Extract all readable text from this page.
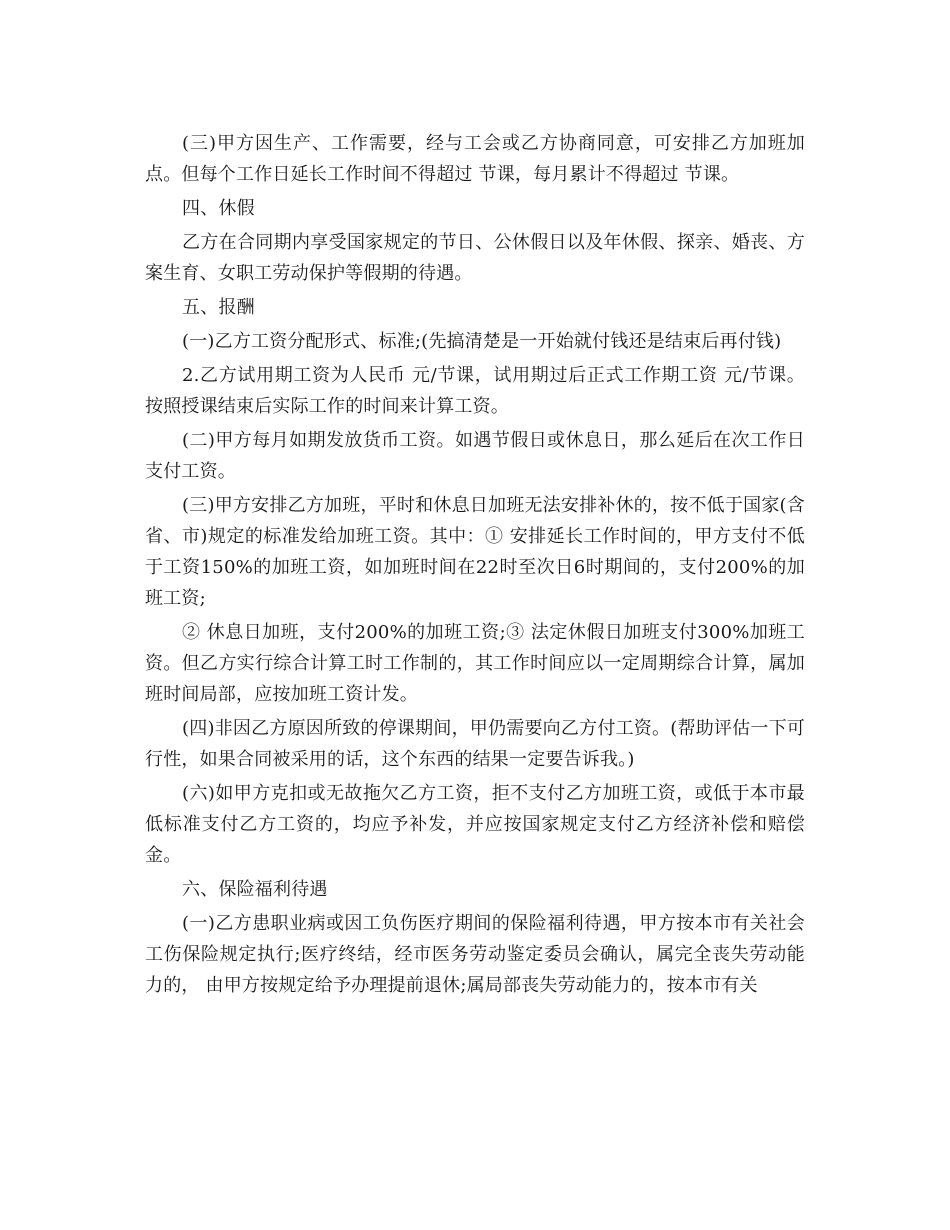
(三)甲方因生产、工作需要，经与工会或乙方协商同意，可安排乙方加班加点。但每个工作日延长工作时间不得超过 节课，每月累计不得超过 节课。

四、休假

乙方在合同期内享受国家规定的节日、公休假日以及年休假、探亲、婚丧、方案生育、女职工劳动保护等假期的待遇。

五、报酬

(一)乙方工资分配形式、标准;(先搞清楚是一开始就付钱还是结束后再付钱)

2.乙方试用期工资为人民币 元/节课，试用期过后正式工作期工资 元/节课。按照授课结束后实际工作的时间来计算工资。

(二)甲方每月如期发放货币工资。如遇节假日或休息日，那么延后在次工作日支付工资。

(三)甲方安排乙方加班，平时和休息日加班无法安排补休的，按不低于国家(含省、市)规定的标准发给加班工资。其中：① 安排延长工作时间的，甲方支付不低于工资150%的加班工资，如加班时间在22时至次日6时期间的，支付200%的加班工资;

② 休息日加班，支付200%的加班工资;③ 法定休假日加班支付300%加班工资。但乙方实行综合计算工时工作制的，其工作时间应以一定周期综合计算，属加班时间局部，应按加班工资计发。

(四)非因乙方原因所致的停课期间，甲仍需要向乙方付工资。(帮助评估一下可行性，如果合同被采用的话，这个东西的结果一定要告诉我。)

(六)如甲方克扣或无故拖欠乙方工资，拒不支付乙方加班工资，或低于本市最低标准支付乙方工资的，均应予补发，并应按国家规定支付乙方经济补偿和赔偿金。

六、保险福利待遇

(一)乙方患职业病或因工负伤医疗期间的保险福利待遇，甲方按本市有关社会工伤保险规定执行;医疗终结，经市医务劳动鉴定委员会确认，属完全丧失劳动能力的， 由甲方按规定给予办理提前退休;属局部丧失劳动能力的，按本市有关
